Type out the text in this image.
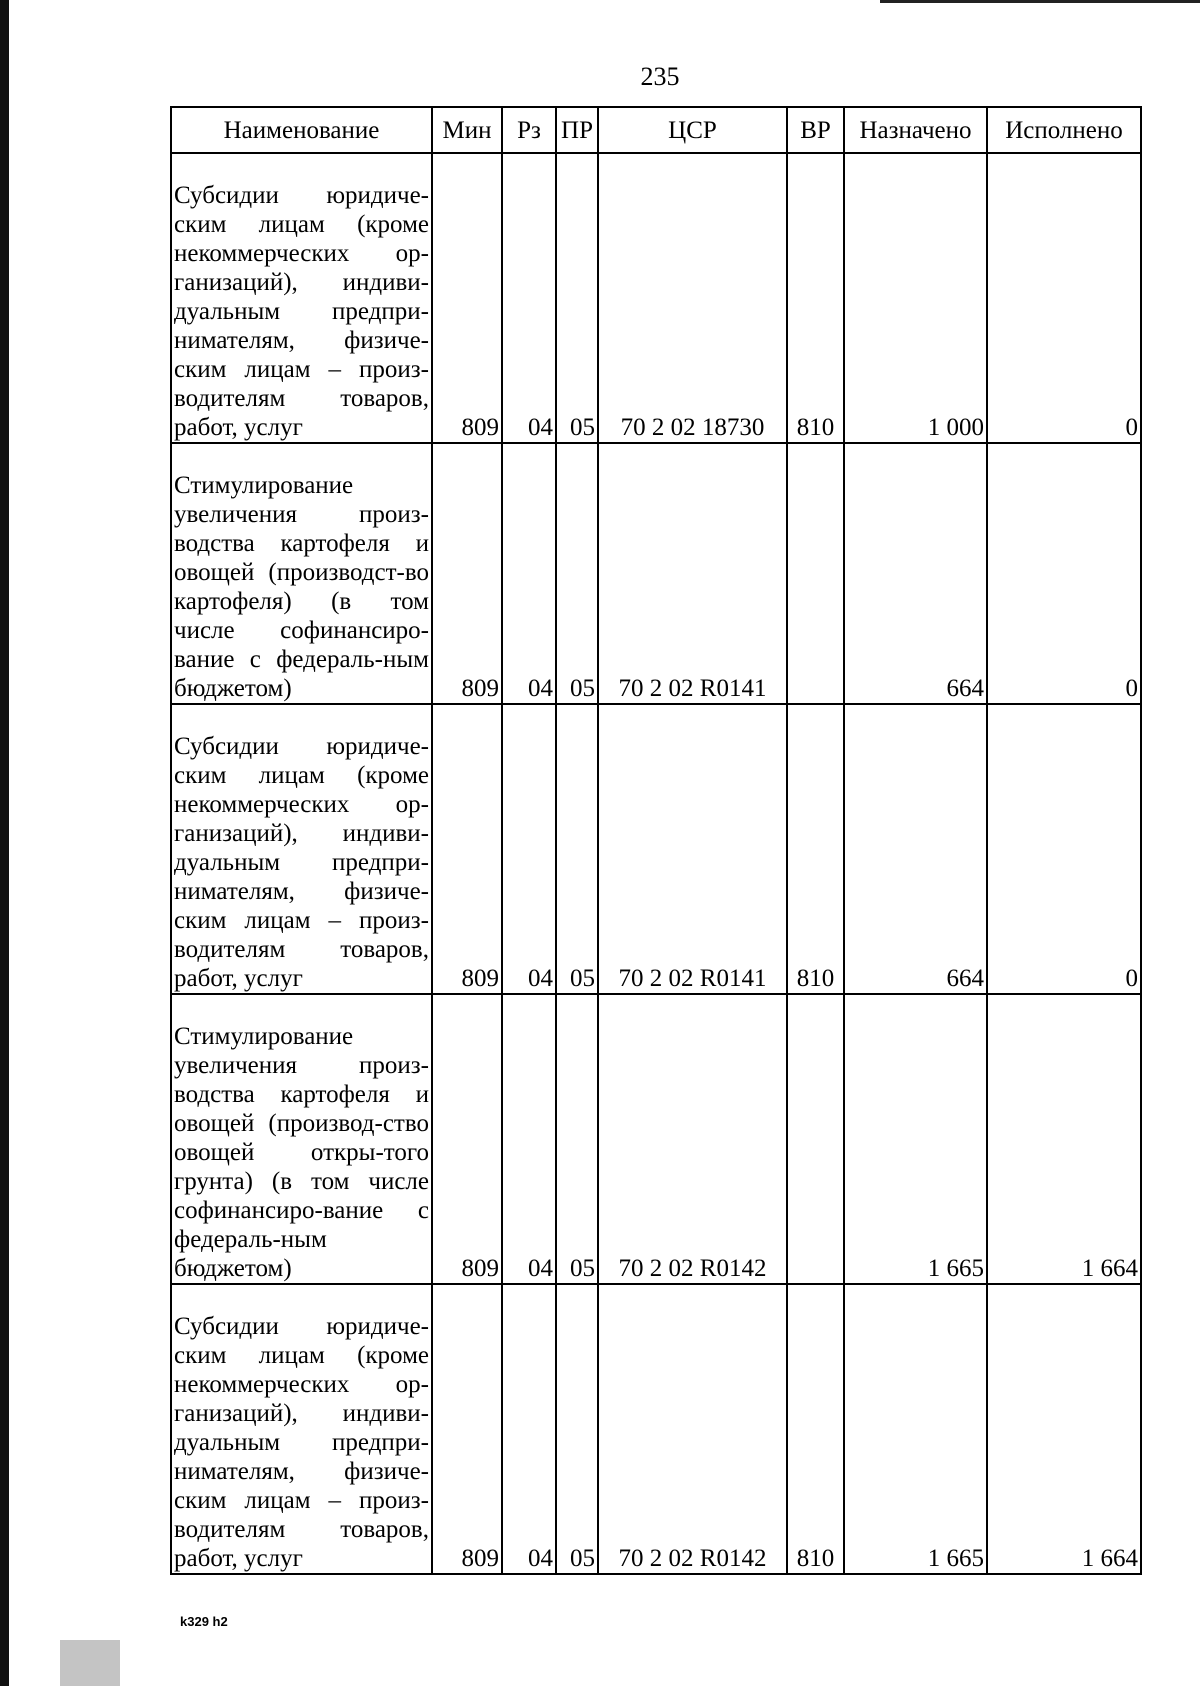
235
Наименование	Мин	Рз	ПР	ЦСР	ВР	Назначено	Исполнено
Субсидии юридиче-ским лицам (кроме некоммерческих ор-ганизаций), индиви-дуальным предпри-нимателям, физиче-ским лицам – произ-водителям товаров, работ, услуг	809	04	05	70 2 02 18730	810	1 000	0
Стимулирование увеличения произ-водства картофеля и овощей (производст-во картофеля) (в том числе софинансиро-вание с федераль-ным бюджетом)	809	04	05	70 2 02 R0141		664	0
Субсидии юридиче-ским лицам (кроме некоммерческих ор-ганизаций), индиви-дуальным предпри-нимателям, физиче-ским лицам – произ-водителям товаров, работ, услуг	809	04	05	70 2 02 R0141	810	664	0
Стимулирование увеличения произ-водства картофеля и овощей (производ-ство овощей откры-того грунта) (в том числе софинансиро-вание с федераль-ным бюджетом)	809	04	05	70 2 02 R0142		1 665	1 664
Субсидии юридиче-ским лицам (кроме некоммерческих ор-ганизаций), индиви-дуальным предпри-нимателям, физиче-ским лицам – произ-водителям товаров, работ, услуг	809	04	05	70 2 02 R0142	810	1 665	1 664
k329 h2
